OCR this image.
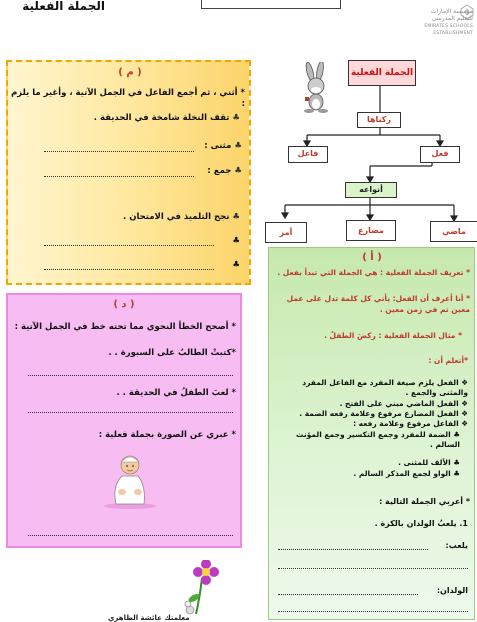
الجملة الفعلية	مؤسسة الإمارات
للتعليم المدرسي
EMIRATES SCHOOLS
ESTABLISHMENT
الجملة الفعلية
ركناها
فاعل	فعل
أنواعه
أمر	مضارع	ماضي
( م )
* أثني ، ثم أجمع الفاعل في الجمل الآتية ، وأغير ما يلزم :
♣ تقف النخلة شامخة في الحديقة .
♣ مثنى :
♣ جمع :
♣ نجح التلميذ في الامتحان .
♣
♣
( د )
* أصحح الخطأ النحوي مما تحته خط في الجمل الآتية :
*كتبتْ الطالبُ على السبورة . .
* لعبَ الطفلُ في الحديقة . .
* عبري عن الصورة بجملة فعلية :
( أ )
* تعريف الجملة الفعلية : هي الجملة التي تبدأ بفعل .
* أنا أعرف أن الفعل: يأتي كل كلمة تدل على عمل معين تم في زمن معين .
* مثال الجملة الفعلية : ركضَ الطفلُ .
*أتعلم أن :
❖ الفعل يلزم صيغة المفرد مع الفاعل المفرد والمثنى والجمع .
❖ الفعل الماضي مبني على الفتح .
❖ الفعل المضارع مرفوع وعلامة رفعه الضمة .
❖ الفاعل مرفوع وعلامة رفعه :
♣ الضمة للمفرد وجمع التكسير وجمع المؤنث السالم .
♣ الألف للمثنى .
♣ الواو لجمع المذكر السالم .
* أعربي الجملة التالية :
1. يلعبُ الولدان بالكرة .
يلعب:
الولدان:
معلمتك عائشة الظاهري
